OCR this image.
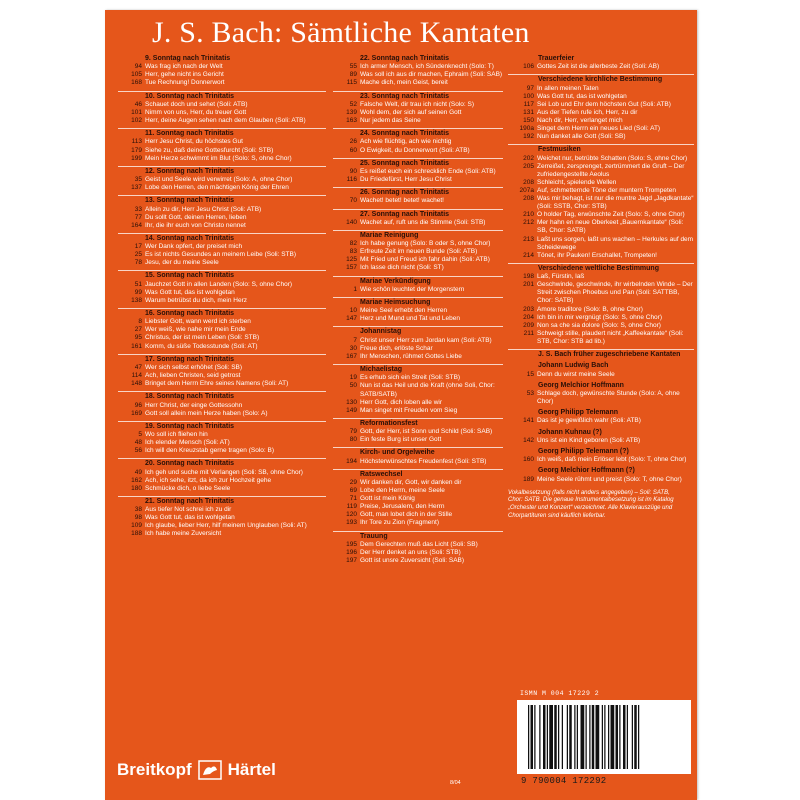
J. S. Bach: Sämtliche Kantaten
9. Sonntag nach Trinitatis
94 Was frag ich nach der Welt
105 Herr, gehe nicht ins Gericht
168 Tue Rechnung! Donnerwort
10. Sonntag nach Trinitatis
46 Schauet doch und sehet (Soli: ATB)
101 Nimm von uns, Herr, du treuer Gott
102 Herr, deine Augen sehen nach dem Glauben (Soli: ATB)
11. Sonntag nach Trinitatis
113 Herr Jesu Christ, du höchstes Gut
179 Siehe zu, daß deine Gottesfurcht (Soli: STB)
199 Mein Herze schwimmt im Blut (Solo: S, ohne Chor)
12. Sonntag nach Trinitatis
35 Geist und Seele wird verwirret (Solo: A, ohne Chor)
137 Lobe den Herren, den mächtigen König der Ehren
13. Sonntag nach Trinitatis
33 Allein zu dir, Herr Jesu Christ (Soli: ATB)
77 Du sollt Gott, deinen Herren, lieben
164 Ihr, die ihr euch von Christo nennet
14. Sonntag nach Trinitatis
17 Wer Dank opfert, der preiset mich
25 Es ist nichts Gesundes an meinem Leibe (Soli: STB)
78 Jesu, der du meine Seele
15. Sonntag nach Trinitatis
51 Jauchzet Gott in allen Landen (Solo: S, ohne Chor)
99 Was Gott tut, das ist wohlgetan
138 Warum betrübst du dich, mein Herz
16. Sonntag nach Trinitatis
8 Liebster Gott, wann werd ich sterben
27 Wer weiß, wie nahe mir mein Ende
95 Christus, der ist mein Leben (Soli: STB)
161 Komm, du süße Todesstunde (Soli: AT)
17. Sonntag nach Trinitatis
47 Wer sich selbst erhöhet (Soli: SB)
114 Ach, lieben Christen, seid getrost
148 Bringet dem Herrn Ehre seines Namens (Soli: AT)
18. Sonntag nach Trinitatis
96 Herr Christ, der einge Gottessohn
169 Gott soll allein mein Herze haben (Solo: A)
19. Sonntag nach Trinitatis
5 Wo soll ich fliehen hin
48 Ich elender Mensch (Soli: AT)
56 Ich will den Kreuzstab gerne tragen (Solo: B)
20. Sonntag nach Trinitatis
49 Ich geh und suche mit Verlangen (Soli: SB, ohne Chor)
162 Ach, ich sehe, itzt, da ich zur Hochzeit gehe
180 Schmücke dich, o liebe Seele
21. Sonntag nach Trinitatis
38 Aus tiefer Not schrei ich zu dir
98 Was Gott tut, das ist wohlgetan
109 Ich glaube, lieber Herr, hilf meinem Unglauben (Soli: AT)
188 Ich habe meine Zuversicht
22. Sonntag nach Trinitatis
55 Ich armer Mensch, ich Sündenknecht (Solo: T)
89 Was soll ich aus dir machen, Ephraim (Soli: SAB)
115 Mache dich, mein Geist, bereit
23. Sonntag nach Trinitatis
52 Falsche Welt, dir trau ich nicht (Solo: S)
139 Wohl dem, der sich auf seinen Gott
163 Nur jedem das Seine
24. Sonntag nach Trinitatis
26 Ach wie flüchtig, ach wie nichtig
60 O Ewigkeit, du Donnerwort (Soli: ATB)
25. Sonntag nach Trinitatis
90 Es reißet euch ein schrecklich Ende (Soli: ATB)
116 Du Friedefürst, Herr Jesu Christ
26. Sonntag nach Trinitatis
70 Wachet! betet! betet! wachet!
27. Sonntag nach Trinitatis
140 Wachet auf, ruft uns die Stimme (Soli: STB)
Mariae Reinigung
82 Ich habe genung (Solo: B oder S, ohne Chor)
83 Erfreute Zeit im neuen Bunde (Soli: ATB)
125 Mit Fried und Freud ich fahr dahin (Soli: ATB)
157 Ich lasse dich nicht (Soli: ST)
Mariae Verkündigung
1 Wie schön leuchtet der Morgenstern
Mariae Heimsuchung
10 Meine Seel erhebt den Herren
147 Herz und Mund und Tat und Leben
Johannistag
7 Christ unser Herr zum Jordan kam (Soli: ATB)
30 Freue dich, erlöste Schar
167 Ihr Menschen, rühmet Gottes Liebe
Michaelistag
19 Es erhub sich ein Streit (Soli: STB)
50 Nun ist das Heil und die Kraft (ohne Soli, Chor: SATB/SATB)
130 Herr Gott, dich loben alle wir
149 Man singet mit Freuden vom Sieg
Reformationsfest
79 Gott, der Herr, ist Sonn und Schild (Soli: SAB)
80 Ein feste Burg ist unser Gott
Kirch- und Orgelweihe
194 Höchsterwünschtes Freudenfest (Soli: STB)
Ratswechsel
29 Wir danken dir, Gott, wir danken dir
69 Lobe den Herrn, meine Seele
71 Gott ist mein König
119 Preise, Jerusalem, den Herrn
120 Gott, man lobet dich in der Stille
193 Ihr Tore zu Zion (Fragment)
Trauung
195 Dem Gerechten muß das Licht (Soli: SB)
196 Der Herr denket an uns (Soli: STB)
197 Gott ist unsre Zuversicht (Soli: SAB)
Trauerfeier
106 Gottes Zeit ist die allerbeste Zeit (Soli: AB)
Verschiedene kirchliche Bestimmung
97 In allen meinen Taten
100 Was Gott tut, das ist wohlgetan
117 Sei Lob und Ehr dem höchsten Gut (Soli: ATB)
131 Aus der Tiefen rufe ich, Herr, zu dir
150 Nach dir, Herr, verlanget mich
190a Singet dem Herrn ein neues Lied (Soli: AT)
192 Nun danket alle Gott (Soli: SB)
Festmusiken
202 Weichet nur, betrübte Schatten (Solo: S, ohne Chor)
205 Zerreißet, zersprenget, zertrümmert die Gruft – Der zufriedengestellte Aeolus
208 Schleicht, spielende Wellen
207a Auf, schmetternde Töne der muntern Trompeten
208 Was mir behagt, ist nur die muntre Jagd „Jagdkantate“ (Soli: SSTB, Chor: STB)
210 O holder Tag, erwünschte Zeit (Solo: S, ohne Chor)
212 Mer hahn en neue Oberkeet „Bauernkantate“ (Soli: SB, Chor: SATB)
213 Laßt uns sorgen, laßt uns wachen – Herkules auf dem Scheidewege
214 Tönet, ihr Pauken! Erschallet, Trompeten!
Verschiedene weltliche Bestimmung
198 Laß, Fürstin, laß
201 Geschwinde, geschwinde, ihr wirbelnden Winde – Der Streit zwischen Phoebus und Pan (Soli: SATTBB, Chor: SATB)
203 Amore traditore (Solo: B, ohne Chor)
204 Ich bin in mir vergnügt (Solo: S, ohne Chor)
209 Non sa che sia dolore (Solo: S, ohne Chor)
211 Schweigt stille, plaudert nicht „Kaffeekantate“ (Soli: STB, Chor: STB ad lib.)
J. S. Bach früher zugeschriebene Kantaten
Johann Ludwig Bach
15 Denn du wirst meine Seele
Georg Melchior Hoffmann
53 Schlage doch, gewünschte Stunde (Solo: A, ohne Chor)
Georg Philipp Telemann
141 Das ist je gewißlich wahr (Soli: ATB)
Johann Kuhnau (?)
142 Uns ist ein Kind geboren (Soli: ATB)
Georg Philipp Telemann (?)
160 Ich weiß, daß mein Erlöser lebt (Solo: T, ohne Chor)
Georg Melchior Hoffmann (?)
189 Meine Seele rühmt und preist (Solo: T, ohne Chor)
Vokalbesetzung (falls nicht anders angegeben) – Soli: SATB, Chor: SATB. Die genaue Instrumentalbesetzung ist im Katalog „Orchester und Konzert“ verzeichnet. Alle Klavierauszüge und Chorpartituren sind käuflich lieferbar.
ISMN M 004 17229 2
9 790004 172292
8/04
Breitkopf Härtel
